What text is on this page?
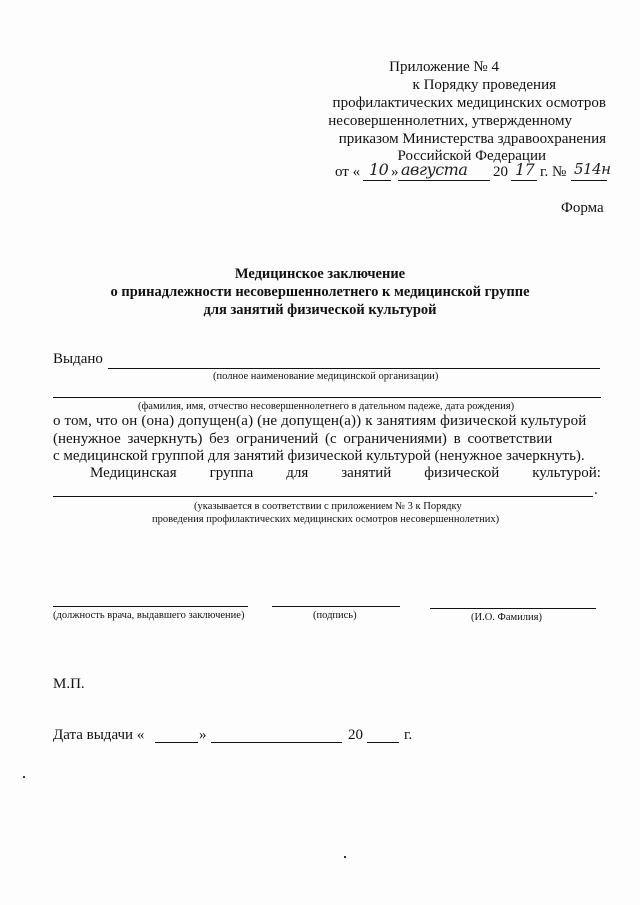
Приложение № 4
к Порядку проведения
профилактических медицинских осмотров
несовершеннолетних, утвержденному
приказом Министерства здравоохранения
Российской Федерации
от « 10 » августа 20 17 г. № 514н
Форма
Медицинское заключение
о принадлежности несовершеннолетнего к медицинской группе
для занятий физической культурой
Выдано
(полное наименование медицинской организации)
(фамилия, имя, отчество несовершеннолетнего в дательном падеже, дата рождения)
о том, что он (она) допущен(а) (не допущен(а)) к занятиям физической культурой
(ненужное зачеркнуть) без ограничений (с ограничениями) в соответствии
с медицинской группой для занятий физической культурой (ненужное зачеркнуть).
Медицинская группа для занятий физической культурой:
.
(указывается в соответствии с приложением № 3 к Порядку
проведения профилактических медицинских осмотров несовершеннолетних)
(должность врача, выдавшего заключение)	(подпись)	(И.О. Фамилия)
М.П.
Дата выдачи «	»	20	г.
